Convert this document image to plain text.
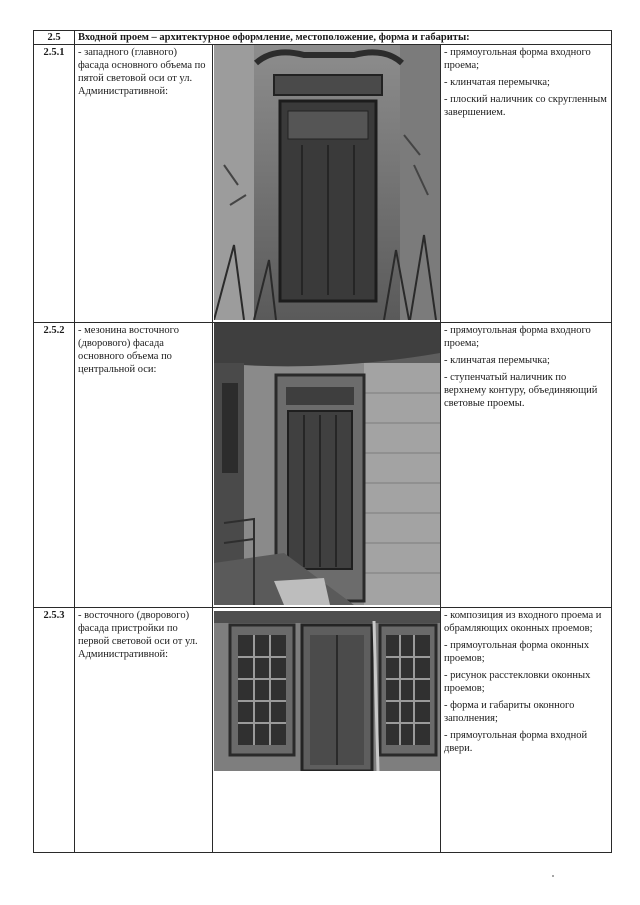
2.5	Входной проем – архитектурное оформление, местоположение, форма и габариты:		
2.5.1	- западного (главного) фасада основного объема по пятой световой оси от ул. Административной:		- прямоугольная форма входного проема;

- клинчатая перемычка;

- плоский наличник со скругленным завершением.

2.5.2	- мезонина восточного (дворового) фасада основного объема по центральной оси:		- прямоугольная форма входного проема;

- клинчатая перемычка;

- ступенчатый наличник по верхнему контуру, объединяющий световые проемы.

2.5.3	- восточного (дворового) фасада пристройки по первой световой оси от ул. Административной:		- композиция из входного проема и обрамляющих оконных проемов;

- прямоугольная форма оконных проемов;

- рисунок расстекловки оконных проемов;

- форма и габариты оконного заполнения;

- прямоугольная форма входной двери.
